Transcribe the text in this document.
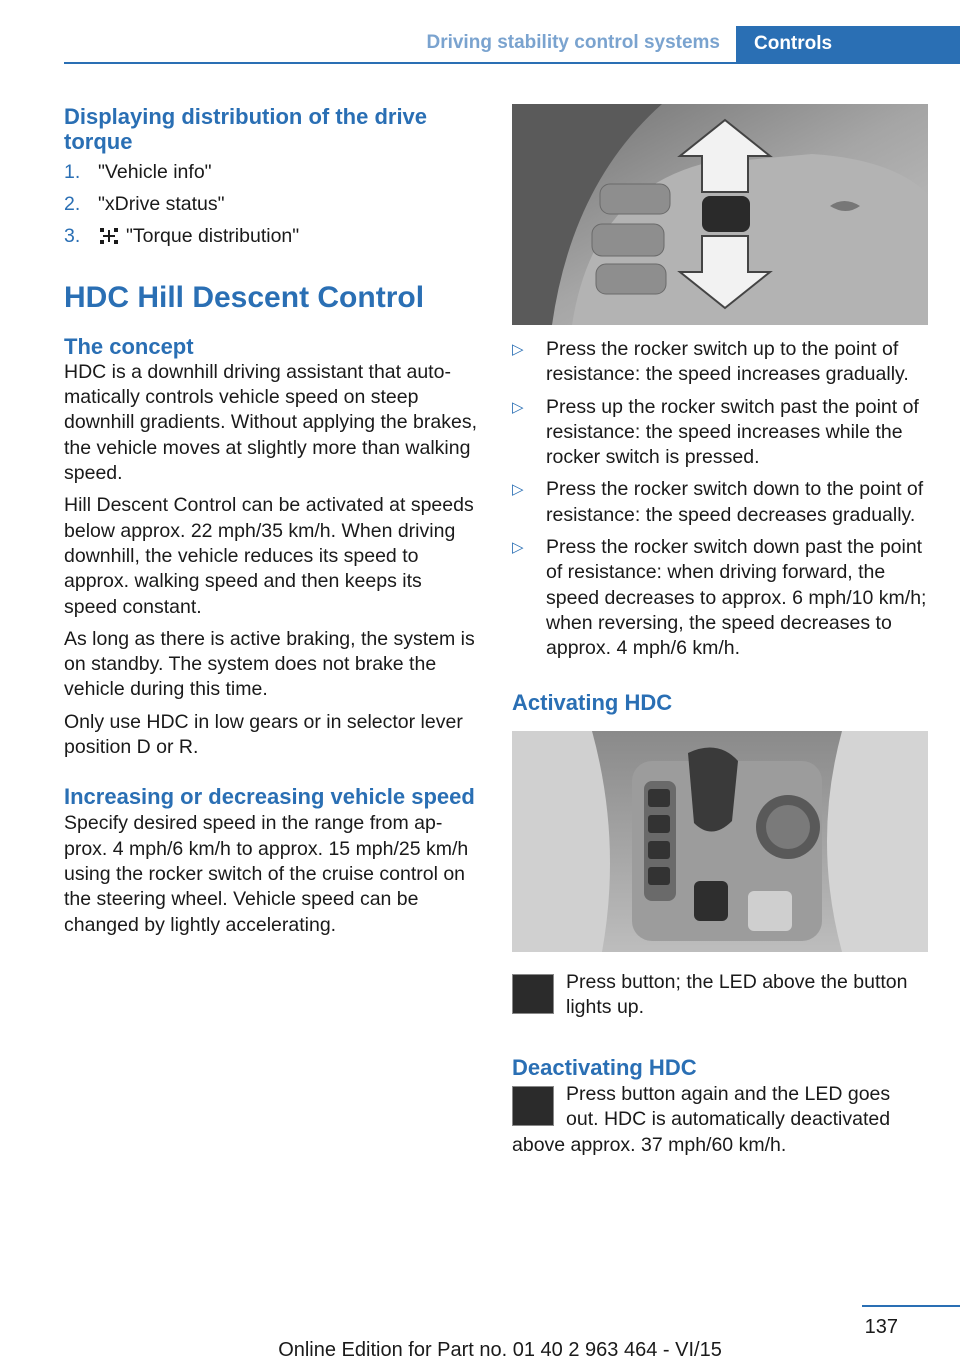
Driving stability control systems	Controls
Displaying distribution of the drive torque
1. "Vehicle info"
2. "xDrive status"
3. "Torque distribution"
HDC Hill Descent Control
The concept

HDC is a downhill driving assistant that automatically controls vehicle speed on steep downhill gradients. Without applying the brakes, the vehicle moves at slightly more than walking speed.

Hill Descent Control can be activated at speeds below approx. 22 mph/35 km/h. When driving downhill, the vehicle reduces its speed to approx. walking speed and then keeps its speed constant.

As long as there is active braking, the system is on standby. The system does not brake the vehicle during this time.

Only use HDC in low gears or in selector lever position D or R.

Increasing or decreasing vehicle speed

Specify desired speed in the range from approx. 4 mph/6 km/h to approx. 15 mph/25 km/h using the rocker switch of the cruise control on the steering wheel. Vehicle speed can be changed by lightly accelerating.

▷ Press the rocker switch up to the point of resistance: the speed increases gradually.
▷ Press up the rocker switch past the point of resistance: the speed increases while the rocker switch is pressed.
▷ Press the rocker switch down to the point of resistance: the speed decreases gradually.
▷ Press the rocker switch down past the point of resistance: when driving forward, the speed decreases to approx. 6 mph/10 km/h; when reversing, the speed decreases to approx. 4 mph/6 km/h.
Activating HDC

Press button; the LED above the button lights up.

Deactivating HDC

Press button again and the LED goes out. HDC is automatically deactivated above approx. 37 mph/60 km/h.

137
Online Edition for Part no. 01 40 2 963 464 - VI/15
